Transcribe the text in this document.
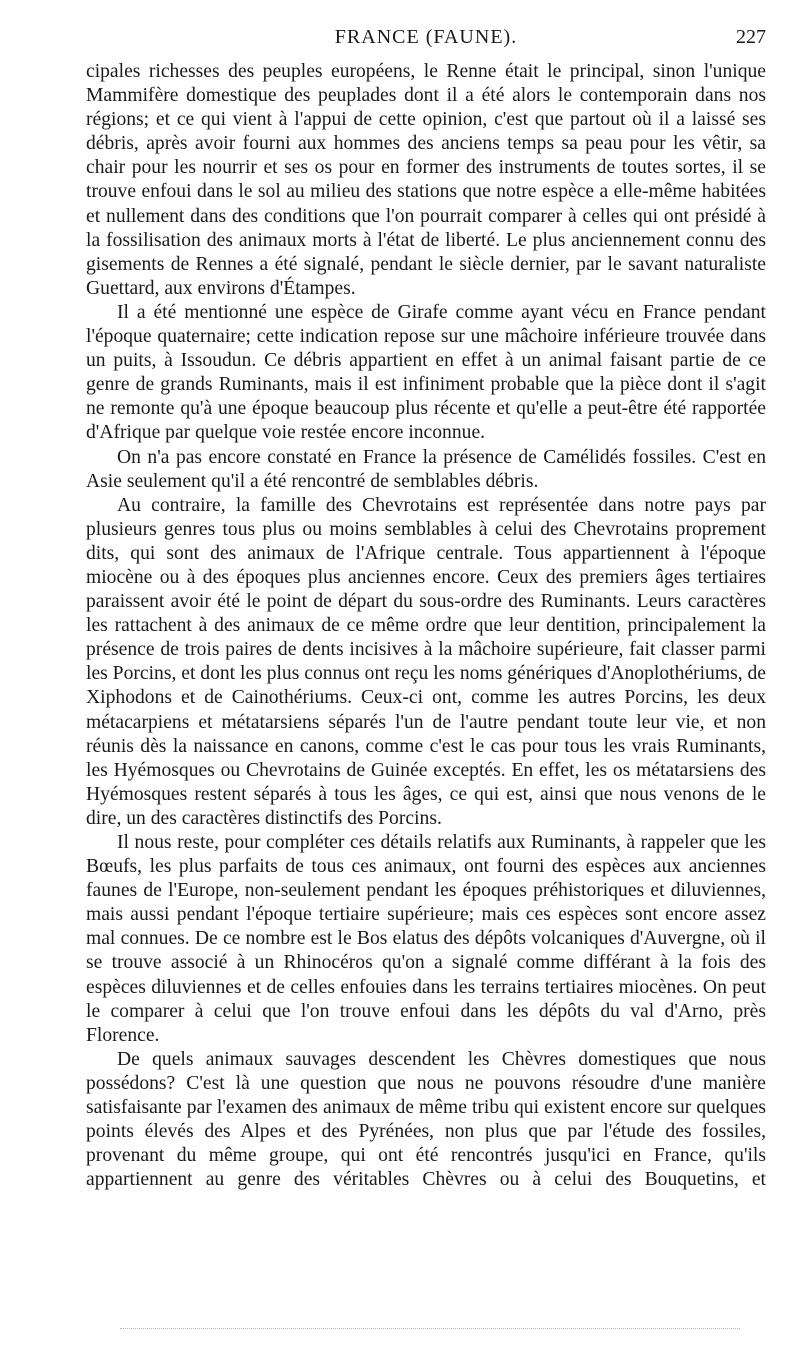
FRANCE (FAUNE).	227

cipales richesses des peuples européens, le Renne était le principal, sinon l'unique Mammifère domestique des peuplades dont il a été alors le contemporain dans nos régions; et ce qui vient à l'appui de cette opinion, c'est que partout où il a laissé ses débris, après avoir fourni aux hommes des anciens temps sa peau pour les vêtir, sa chair pour les nourrir et ses os pour en former des instruments de toutes sortes, il se trouve enfoui dans le sol au milieu des stations que notre espèce a elle-même habitées et nullement dans des conditions que l'on pourrait comparer à celles qui ont présidé à la fossilisation des animaux morts à l'état de liberté. Le plus anciennement connu des gisements de Rennes a été signalé, pendant le siècle dernier, par le savant naturaliste Guettard, aux environs d'Étampes.

Il a été mentionné une espèce de Girafe comme ayant vécu en France pendant l'époque quaternaire; cette indication repose sur une mâchoire inférieure trouvée dans un puits, à Issoudun. Ce débris appartient en effet à un animal faisant partie de ce genre de grands Ruminants, mais il est infiniment probable que la pièce dont il s'agit ne remonte qu'à une époque beaucoup plus récente et qu'elle a peut-être été rapportée d'Afrique par quelque voie restée encore inconnue.

On n'a pas encore constaté en France la présence de Camélidés fossiles. C'est en Asie seulement qu'il a été rencontré de semblables débris.

Au contraire, la famille des Chevrotains est représentée dans notre pays par plusieurs genres tous plus ou moins semblables à celui des Chevrotains proprement dits, qui sont des animaux de l'Afrique centrale. Tous appartiennent à l'époque miocène ou à des époques plus anciennes encore. Ceux des premiers âges tertiaires paraissent avoir été le point de départ du sous-ordre des Ruminants. Leurs caractères les rattachent à des animaux de ce même ordre que leur dentition, principalement la présence de trois paires de dents incisives à la mâchoire supérieure, fait classer parmi les Porcins, et dont les plus connus ont reçu les noms génériques d'Anoplothériums, de Xiphodons et de Cainothériums. Ceux-ci ont, comme les autres Porcins, les deux métacarpiens et métatarsiens séparés l'un de l'autre pendant toute leur vie, et non réunis dès la naissance en canons, comme c'est le cas pour tous les vrais Ruminants, les Hyémosques ou Chevrotains de Guinée exceptés. En effet, les os métatarsiens des Hyémosques restent séparés à tous les âges, ce qui est, ainsi que nous venons de le dire, un des caractères distinctifs des Porcins.

Il nous reste, pour compléter ces détails relatifs aux Ruminants, à rappeler que les Bœufs, les plus parfaits de tous ces animaux, ont fourni des espèces aux anciennes faunes de l'Europe, non-seulement pendant les époques préhistoriques et diluviennes, mais aussi pendant l'époque tertiaire supérieure; mais ces espèces sont encore assez mal connues. De ce nombre est le Bos elatus des dépôts volcaniques d'Auvergne, où il se trouve associé à un Rhinocéros qu'on a signalé comme différant à la fois des espèces diluviennes et de celles enfouies dans les terrains tertiaires miocènes. On peut le comparer à celui que l'on trouve enfoui dans les dépôts du val d'Arno, près Florence.

De quels animaux sauvages descendent les Chèvres domestiques que nous possédons? C'est là une question que nous ne pouvons résoudre d'une manière satisfaisante par l'examen des animaux de même tribu qui existent encore sur quelques points élevés des Alpes et des Pyrénées, non plus que par l'étude des fossiles, provenant du même groupe, qui ont été rencontrés jusqu'ici en France, qu'ils appartiennent au genre des véritables Chèvres ou à celui des Bouquetins, et
